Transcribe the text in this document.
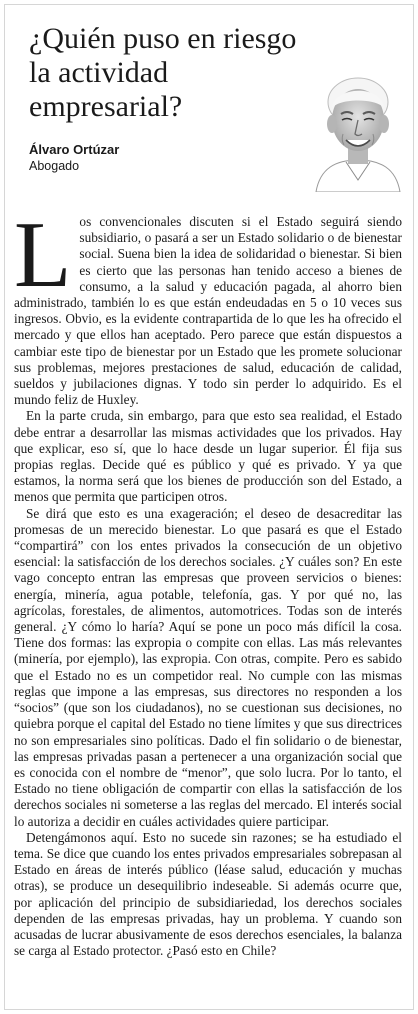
¿Quién puso en riesgo la actividad empresarial?
Álvaro Ortúzar
Abogado

Los convencionales discuten si el Estado seguirá siendo subsidiario, o pasará a ser un Estado solidario o de bienestar social. Suena bien la idea de solidaridad o bienestar. Si bien es cierto que las personas han tenido acceso a bienes de consumo, a la salud y educación pagada, al ahorro bien administrado, también lo es que están endeudadas en 5 o 10 veces sus ingresos. Obvio, es la evidente contrapartida de lo que les ha ofrecido el mercado y que ellos han aceptado. Pero parece que están dispuestos a cambiar este tipo de bienestar por un Estado que les promete solucionar sus problemas, mejores prestaciones de salud, educación de calidad, sueldos y jubilaciones dignas. Y todo sin perder lo adquirido. Es el mundo feliz de Huxley.

En la parte cruda, sin embargo, para que esto sea realidad, el Estado debe entrar a desarrollar las mismas actividades que los privados. Hay que explicar, eso sí, que lo hace desde un lugar superior. Él fija sus propias reglas. Decide qué es público y qué es privado. Y ya que estamos, la norma será que los bienes de producción son del Estado, a menos que permita que participen otros.

Se dirá que esto es una exageración; el deseo de desacreditar las promesas de un merecido bienestar. Lo que pasará es que el Estado “compartirá” con los entes privados la consecución de un objetivo esencial: la satisfacción de los derechos sociales. ¿Y cuáles son? En este vago concepto entran las empresas que proveen servicios o bienes: energía, minería, agua potable, telefonía, gas. Y por qué no, las agrícolas, forestales, de alimentos, automotrices. Todas son de interés general. ¿Y cómo lo haría? Aquí se pone un poco más difícil la cosa. Tiene dos formas: las expropia o compite con ellas. Las más relevantes (minería, por ejemplo), las expropia. Con otras, compite. Pero es sabido que el Estado no es un competidor real. No cumple con las mismas reglas que impone a las empresas, sus directores no responden a los “socios” (que son los ciudadanos), no se cuestionan sus decisiones, no quiebra porque el capital del Estado no tiene límites y que sus directrices no son empresariales sino políticas. Dado el fin solidario o de bienestar, las empresas privadas pasan a pertenecer a una organización social que es conocida con el nombre de “menor”, que solo lucra. Por lo tanto, el Estado no tiene obligación de compartir con ellas la satisfacción de los derechos sociales ni someterse a las reglas del mercado. El interés social lo autoriza a decidir en cuáles actividades quiere participar.

Detengámonos aquí. Esto no sucede sin razones; se ha estudiado el tema. Se dice que cuando los entes privados empresariales sobrepasan al Estado en áreas de interés público (léase salud, educación y muchas otras), se produce un desequilibrio indeseable. Si además ocurre que, por aplicación del principio de subsidiariedad, los derechos sociales dependen de las empresas privadas, hay un problema. Y cuando son acusadas de lucrar abusivamente de esos derechos esenciales, la balanza se carga al Estado protector. ¿Pasó esto en Chile?
